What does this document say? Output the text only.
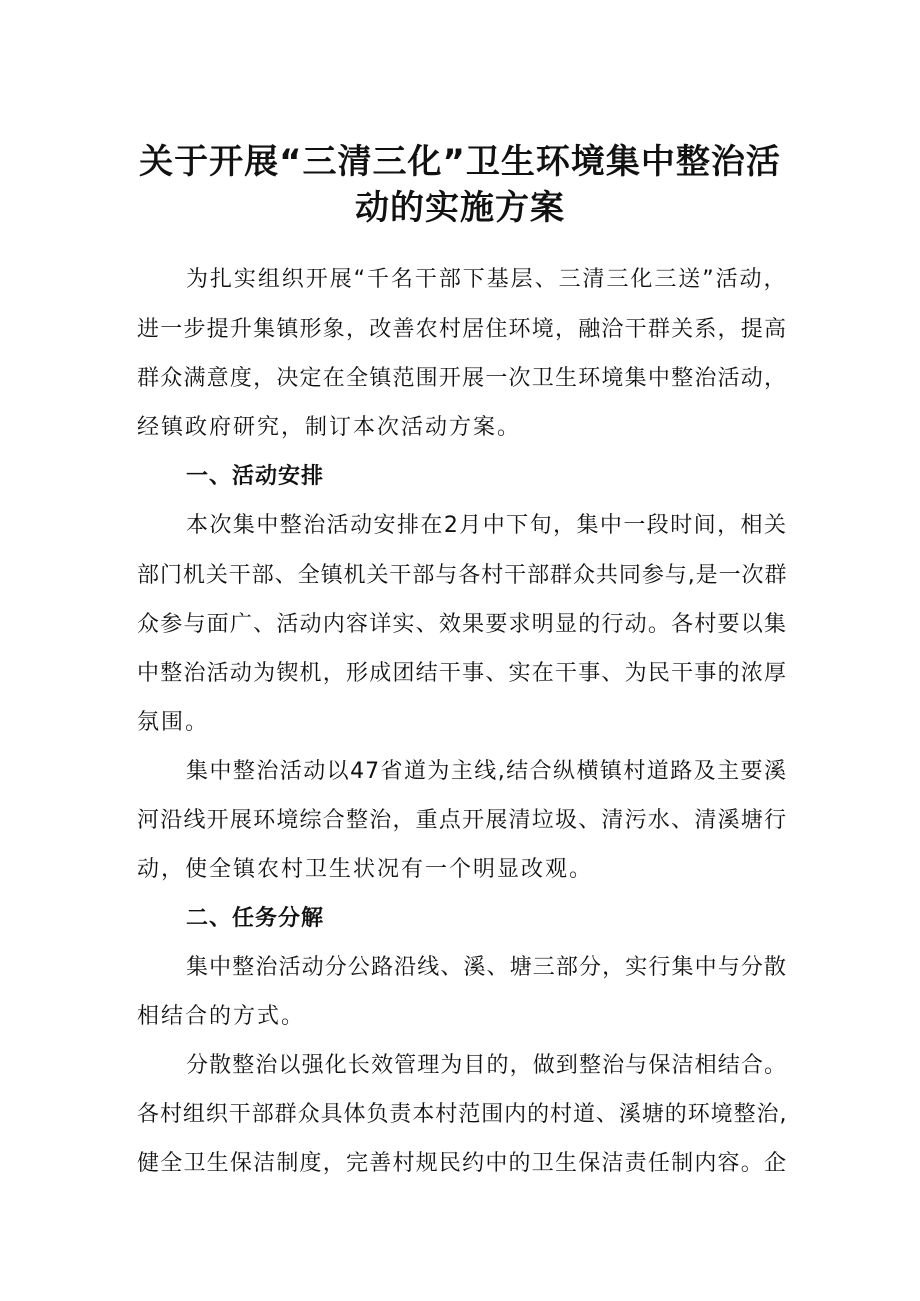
关于开展“三清三化”卫生环境集中整治活
动的实施方案
为扎实组织开展“千名干部下基层、三清三化三送”活动，
进一步提升集镇形象，改善农村居住环境，融洽干群关系，提高
群众满意度，决定在全镇范围开展一次卫生环境集中整治活动，
经镇政府研究，制订本次活动方案。
一、活动安排
本次集中整治活动安排在2月中下旬，集中一段时间，相关
部门机关干部、全镇机关干部与各村干部群众共同参与,是一次群
众参与面广、活动内容详实、效果要求明显的行动。各村要以集
中整治活动为锲机，形成团结干事、实在干事、为民干事的浓厚
氛围。
集中整治活动以47省道为主线,结合纵横镇村道路及主要溪
河沿线开展环境综合整治，重点开展清垃圾、清污水、清溪塘行
动，使全镇农村卫生状况有一个明显改观。
二、任务分解
集中整治活动分公路沿线、溪、塘三部分，实行集中与分散
相结合的方式。
分散整治以强化长效管理为目的，做到整治与保洁相结合。
各村组织干部群众具体负责本村范围内的村道、溪塘的环境整治,
健全卫生保洁制度，完善村规民约中的卫生保洁责任制内容。企
